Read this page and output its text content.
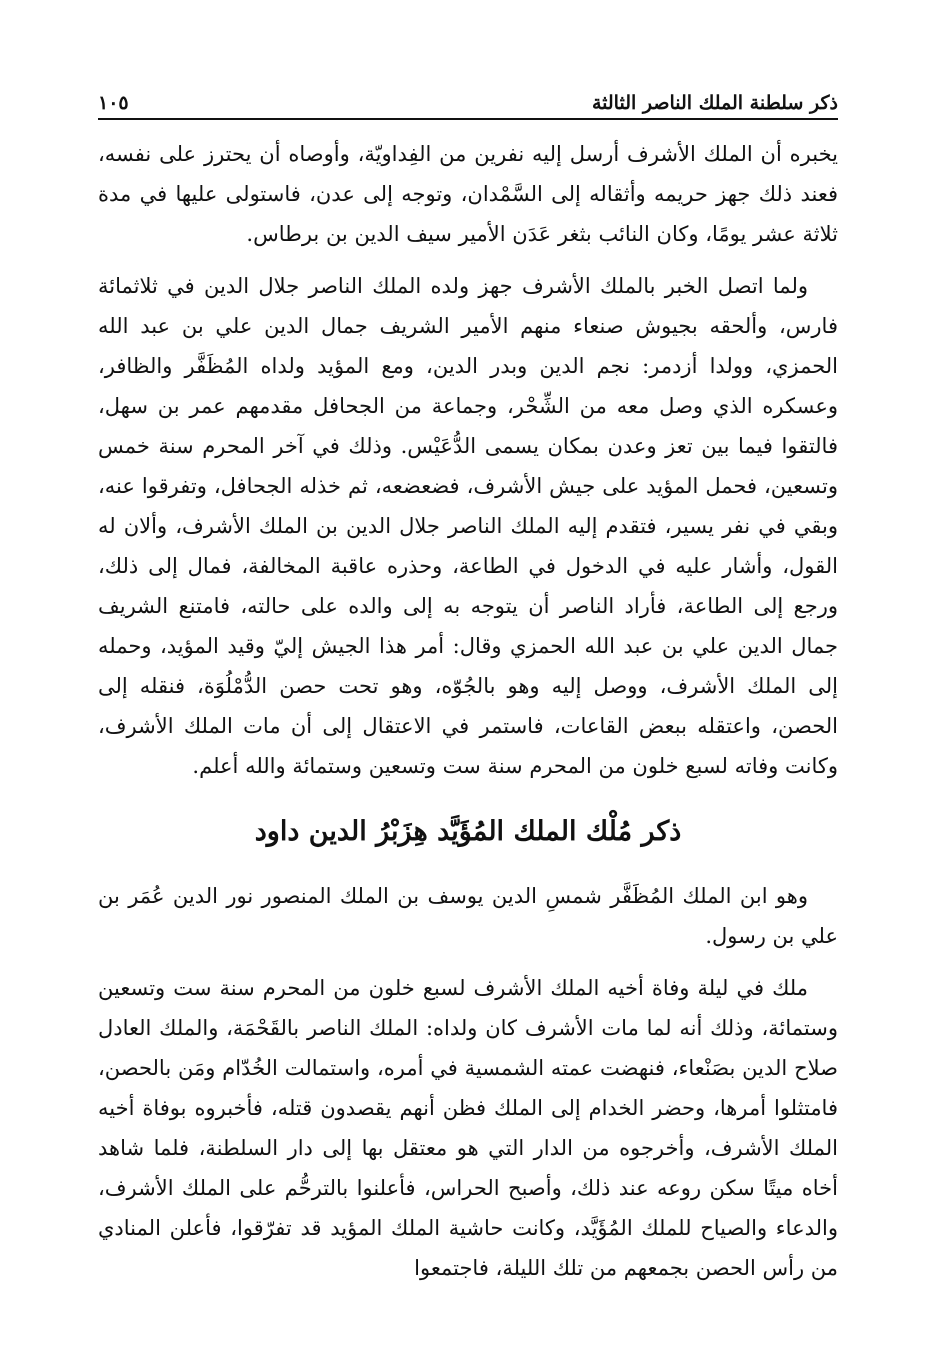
ذكر سلطنة الملك الناصر الثالثة
١٠٥

يخبره أن الملك الأشرف أرسل إليه نفرين من الفِداويّة، وأوصاه أن يحترز على نفسه، فعند ذلك جهز حريمه وأثقاله إلى السَّمْدان، وتوجه إلى عدن، فاستولى عليها في مدة ثلاثة عشر يومًا، وكان النائب بثغر عَدَن الأمير سيف الدين بن برطاس.

ولما اتصل الخبر بالملك الأشرف جهز ولده الملك الناصر جلال الدين في ثلاثمائة فارس، وألحقه بجيوش صنعاء منهم الأمير الشريف جمال الدين علي بن عبد الله الحمزي، وولدا أزدمر: نجم الدين وبدر الدين، ومع المؤيد ولداه المُظَفَّر والظافر، وعسكره الذي وصل معه من الشِّحْر، وجماعة من الجحافل مقدمهم عمر بن سهل، فالتقوا فيما بين تعز وعدن بمكان يسمى الدُّعَيْس. وذلك في آخر المحرم سنة خمس وتسعين، فحمل المؤيد على جيش الأشرف، فضعضعه، ثم خذله الجحافل، وتفرقوا عنه، وبقي في نفر يسير، فتقدم إليه الملك الناصر جلال الدين بن الملك الأشرف، وألان له القول، وأشار عليه في الدخول في الطاعة، وحذره عاقبة المخالفة، فمال إلى ذلك، ورجع إلى الطاعة، فأراد الناصر أن يتوجه به إلى والده على حالته، فامتنع الشريف جمال الدين علي بن عبد الله الحمزي وقال: أمر هذا الجيش إليّ وقيد المؤيد، وحمله إلى الملك الأشرف، ووصل إليه وهو بالجُوّه، وهو تحت حصن الدُّمْلُوَة، فنقله إلى الحصن، واعتقله ببعض القاعات، فاستمر في الاعتقال إلى أن مات الملك الأشرف، وكانت وفاته لسبع خلون من المحرم سنة ست وتسعين وستمائة والله أعلم.

ذكر مُلْك الملك المُؤَيَّد هِزَبْرُ الدين داود

وهو ابن الملك المُظَفَّر شمسِ الدين يوسف بن الملك المنصور نور الدين عُمَر بن علي بن رسول.

ملك في ليلة وفاة أخيه الملك الأشرف لسبع خلون من المحرم سنة ست وتسعين وستمائة، وذلك أنه لما مات الأشرف كان ولداه: الملك الناصر بالقَحْمَة، والملك العادل صلاح الدين بصَنْعاء، فنهضت عمته الشمسية في أمره، واستمالت الخُدّام ومَن بالحصن، فامتثلوا أمرها، وحضر الخدام إلى الملك فظن أنهم يقصدون قتله، فأخبروه بوفاة أخيه الملك الأشرف، وأخرجوه من الدار التي هو معتقل بها إلى دار السلطنة، فلما شاهد أخاه ميتًا سكن روعه عند ذلك، وأصبح الحراس، فأعلنوا بالترحُّم على الملك الأشرف، والدعاء والصياح للملك المُؤَيَّد، وكانت حاشية الملك المؤيد قد تفرّقوا، فأعلن المنادي من رأس الحصن بجمعهم من تلك الليلة، فاجتمعوا
